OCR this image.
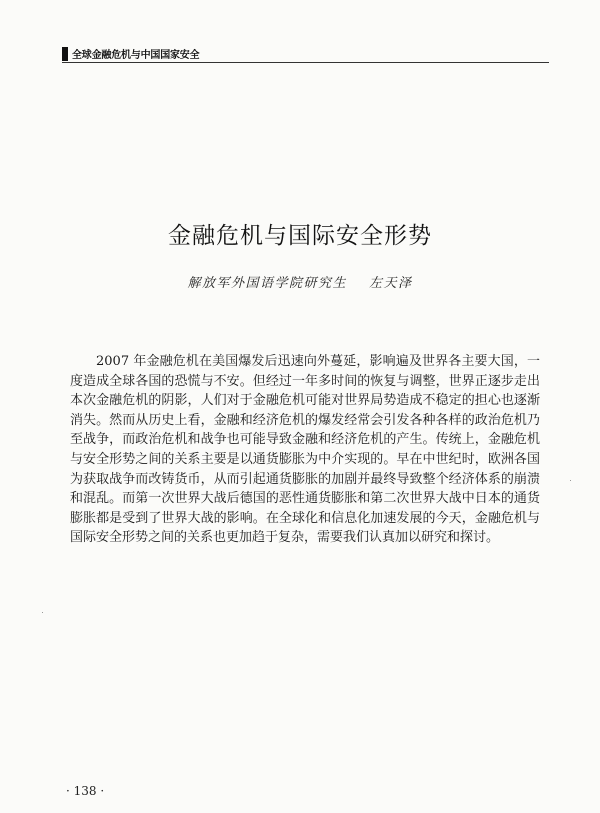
全球金融危机与中国国家安全
金融危机与国际安全形势
解放军外国语学院研究生 左天泽

2007 年金融危机在美国爆发后迅速向外蔓延，影响遍及世界各主要大国，一度造成全球各国的恐慌与不安。但经过一年多时间的恢复与调整，世界正逐步走出本次金融危机的阴影，人们对于金融危机可能对世界局势造成不稳定的担心也逐渐消失。然而从历史上看，金融和经济危机的爆发经常会引发各种各样的政治危机乃至战争，而政治危机和战争也可能导致金融和经济危机的产生。传统上，金融危机与安全形势之间的关系主要是以通货膨胀为中介实现的。早在中世纪时，欧洲各国为获取战争而改铸货币，从而引起通货膨胀的加剧并最终导致整个经济体系的崩溃和混乱。而第一次世界大战后德国的恶性通货膨胀和第二次世界大战中日本的通货膨胀都是受到了世界大战的影响。在全球化和信息化加速发展的今天，金融危机与国际安全形势之间的关系也更加趋于复杂，需要我们认真加以研究和探讨。

· 138 ·
